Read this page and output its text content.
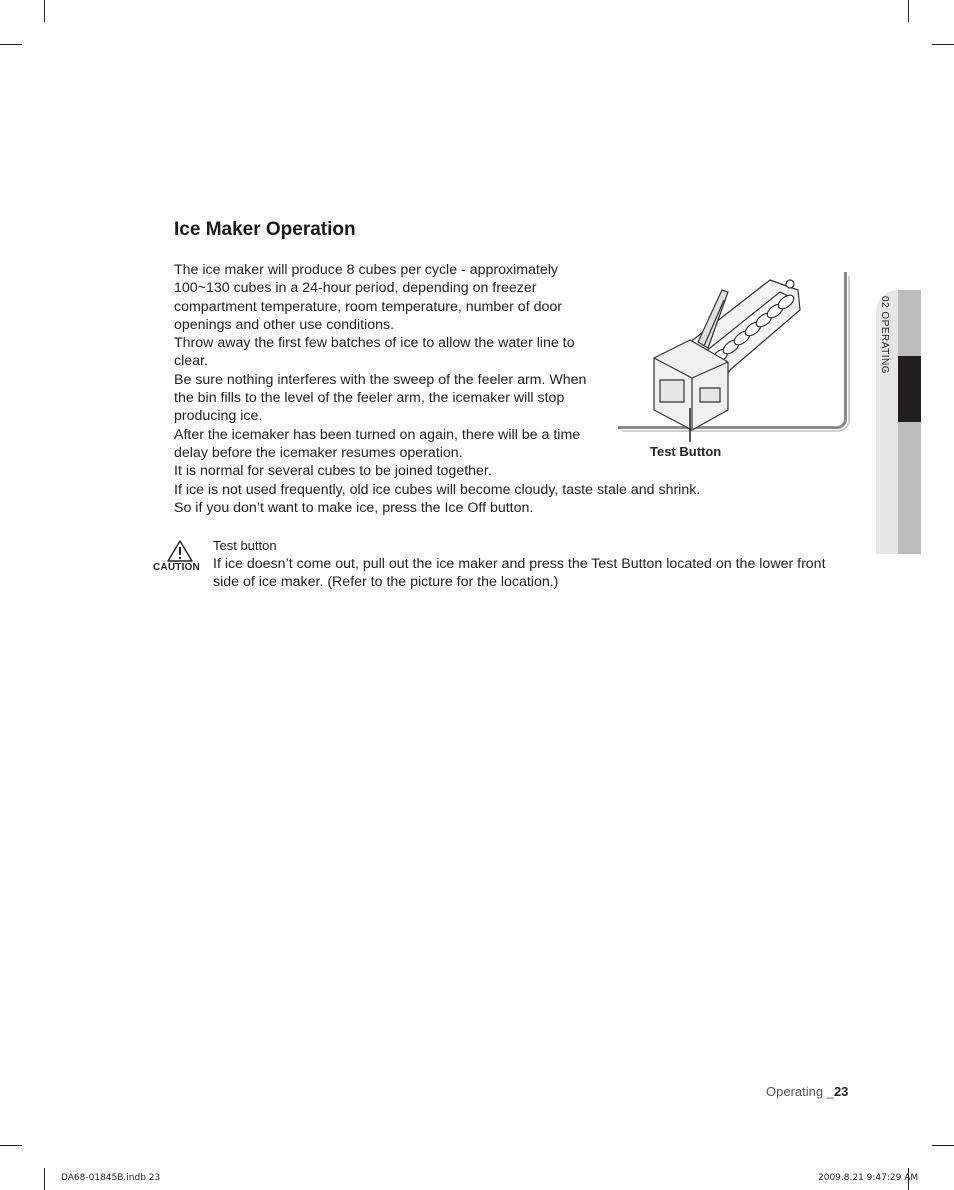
Ice Maker Operation

The ice maker will produce 8 cubes per cycle - approximately 100~130 cubes in a 24-hour period, depending on freezer compartment temperature, room temperature, number of door openings and other use conditions.

Throw away the first few batches of ice to allow the water line to clear.

Be sure nothing interferes with the sweep of the feeler arm. When the bin fills to the level of the feeler arm, the icemaker will stop producing ice.

After the icemaker has been turned on again, there will be a time delay before the icemaker resumes operation.

It is normal for several cubes to be joined together.

If ice is not used frequently, old ice cubes will become cloudy, taste stale and shrink.

So if you don’t want to make ice, press the Ice Off button.

Test Button
CAUTION
Test button

If ice doesn’t come out, pull out the ice maker and press the Test Button located on the lower front side of ice maker. (Refer to the picture for the location.)

02 OPERATING
Operating _23
DA68-01845B.indb 23	2009.8.21 9:47:29 AM
